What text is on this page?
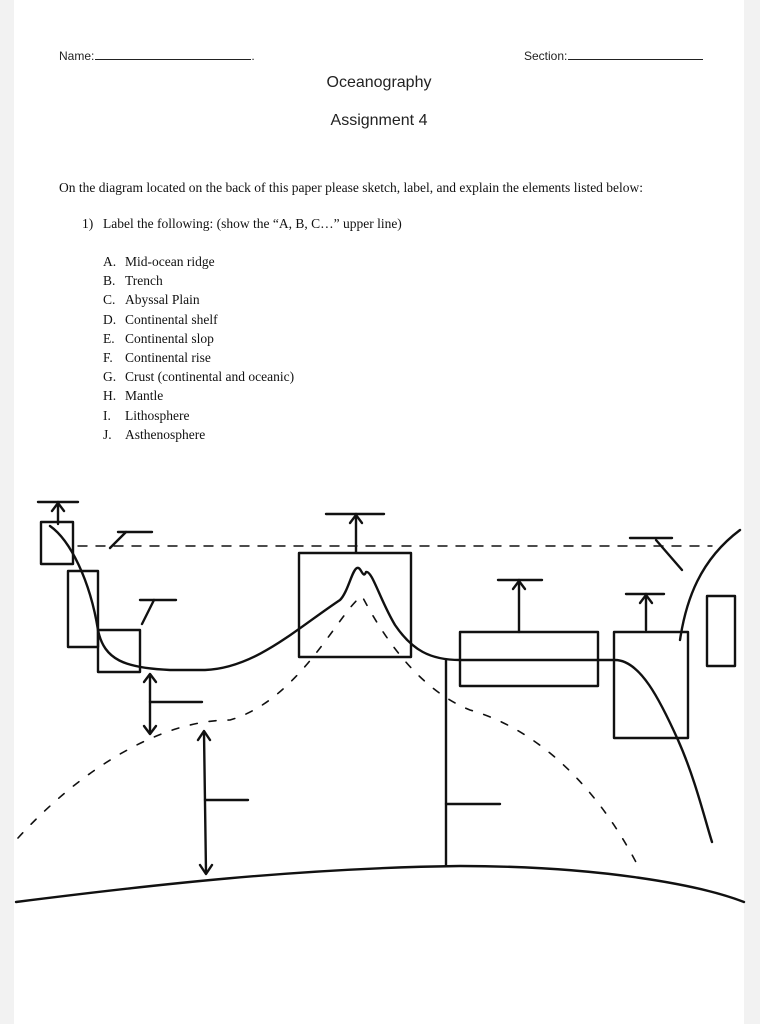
Name:	.	Section:
Oceanography
Assignment 4
On the diagram located on the back of this paper please sketch, label, and explain the elements listed below:
1) Label the following: (show the “A, B, C…” upper line)
A. Mid-ocean ridge
B. Trench
C. Abyssal Plain
D. Continental shelf
E. Continental slop
F. Continental rise
G. Crust (continental and oceanic)
H. Mantle
I. Lithosphere
J. Asthenosphere
